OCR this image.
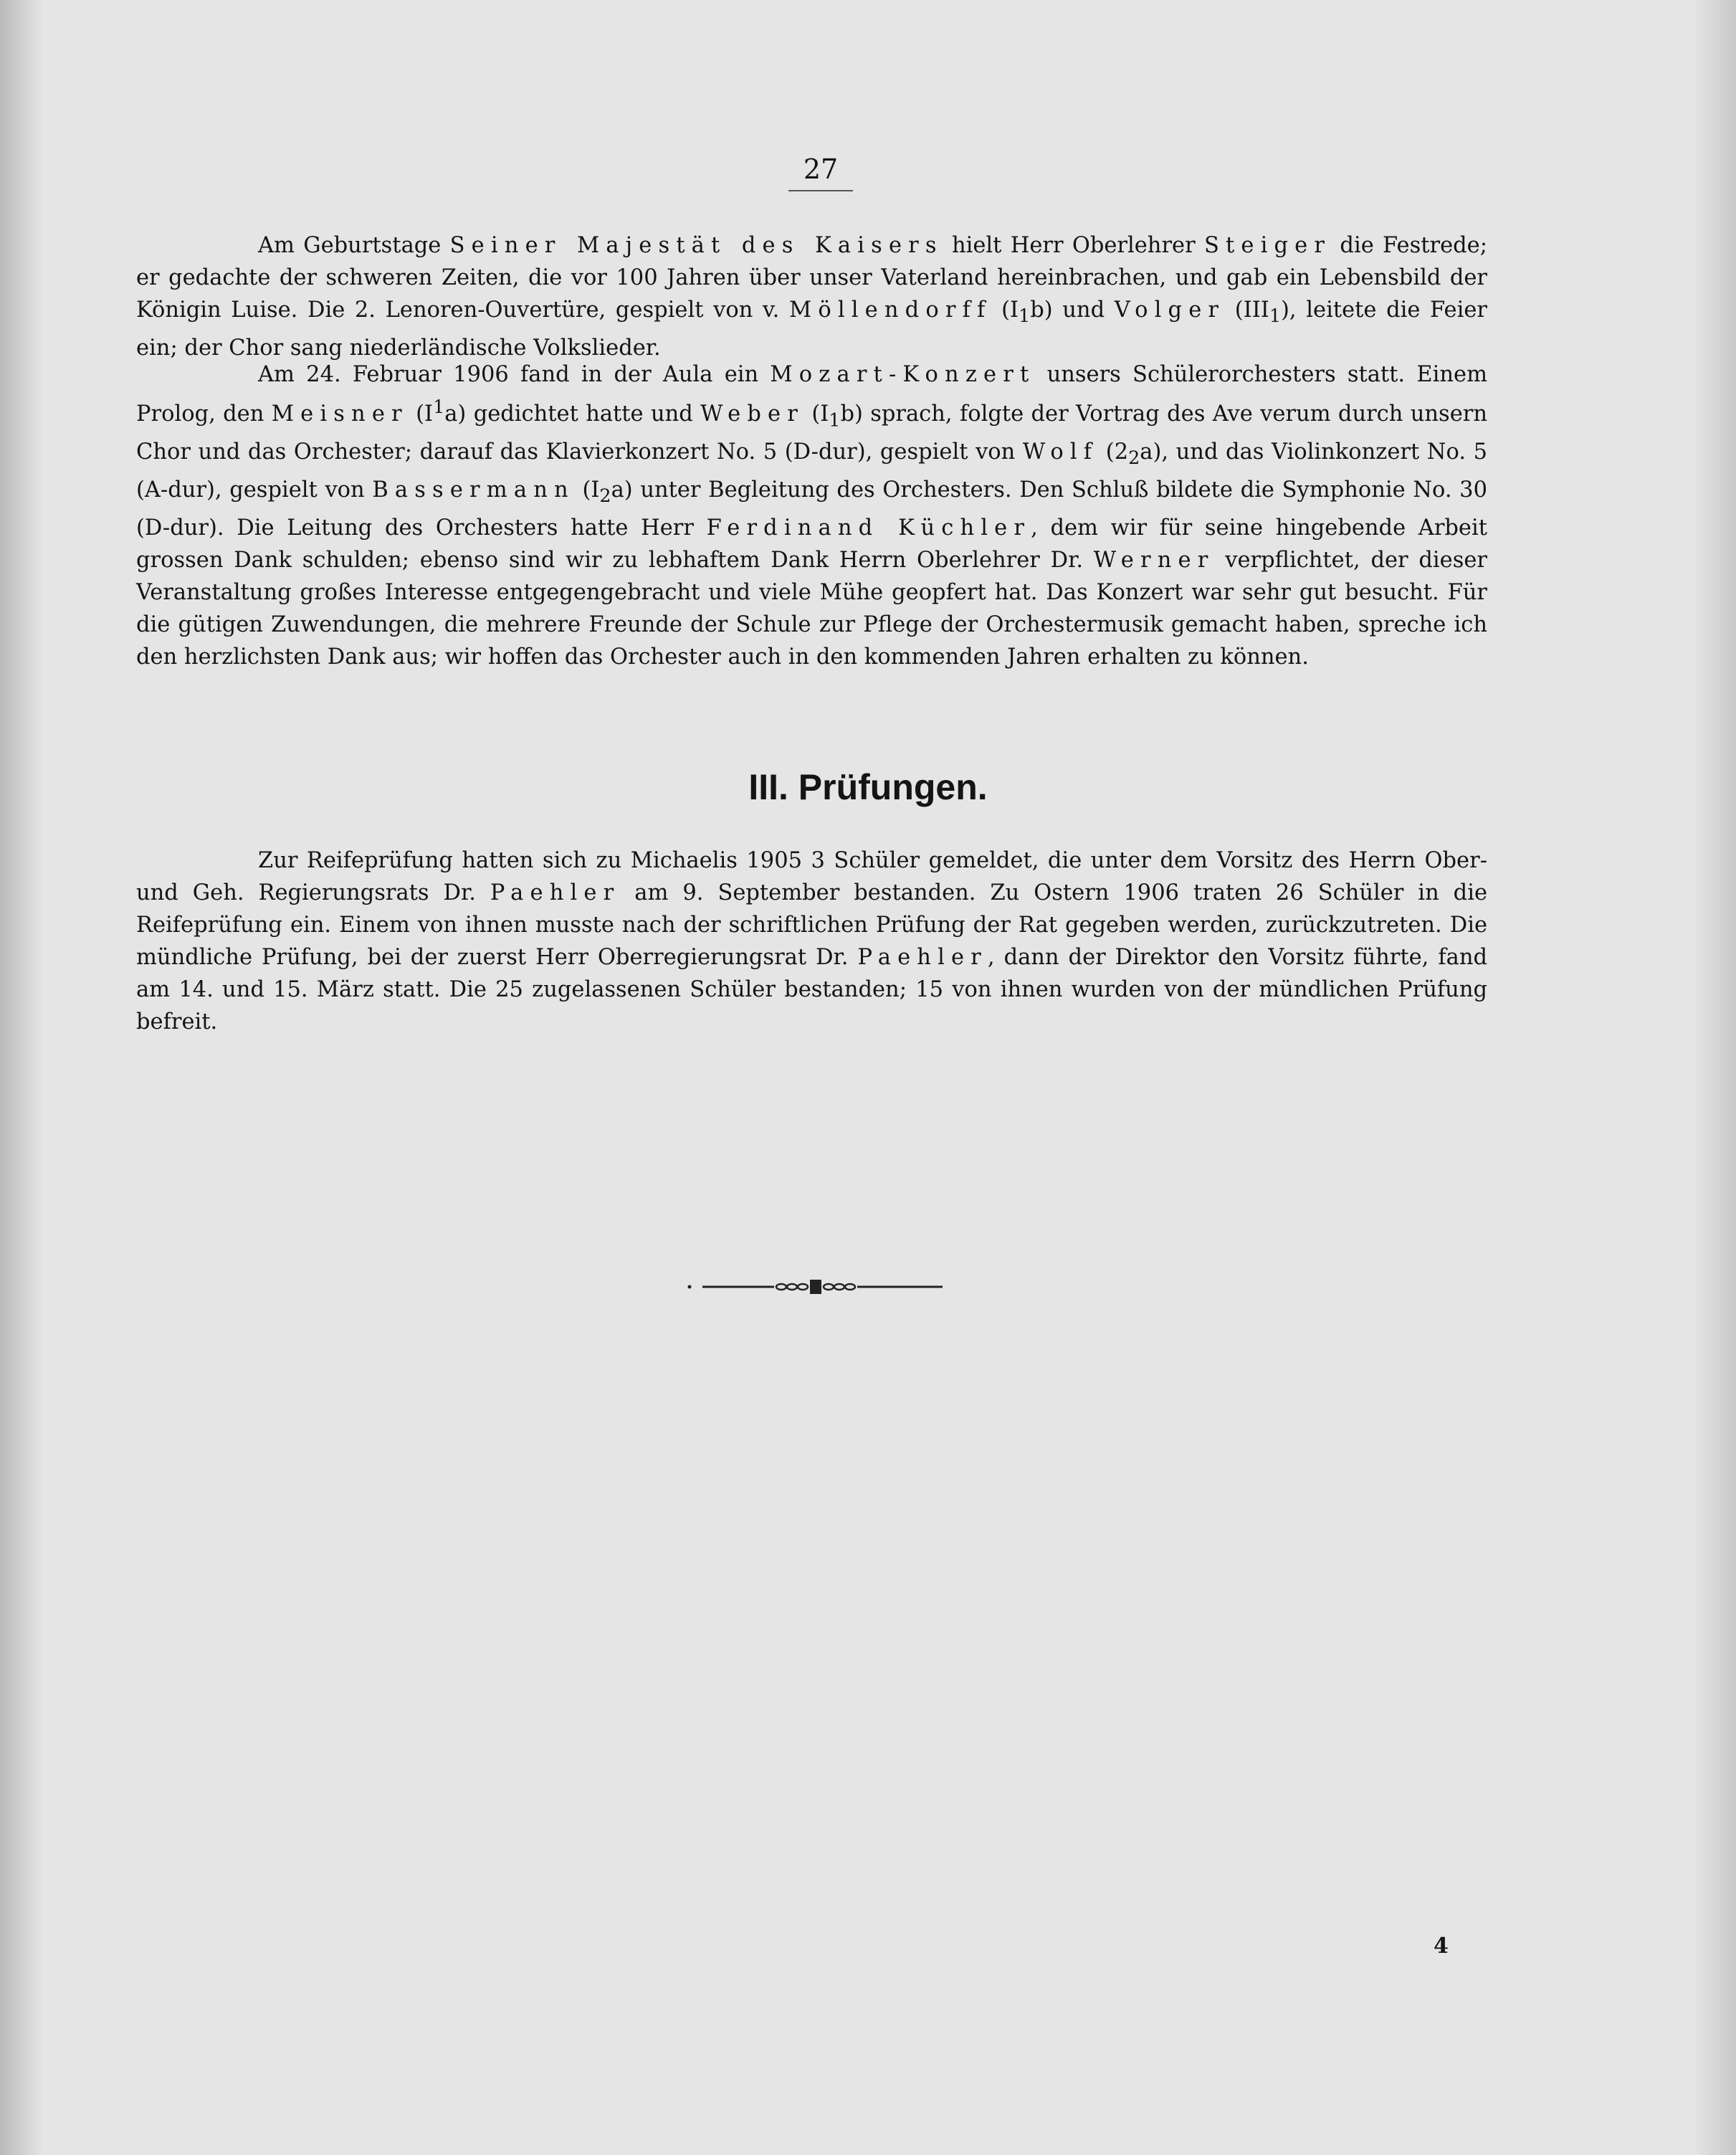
27

Am Geburtstage Seiner Majestät des Kaisers hielt Herr Oberlehrer Steiger die Festrede; er gedachte der schweren Zeiten, die vor 100 Jahren über unser Vaterland hereinbrachen, und gab ein Lebensbild der Königin Luise. Die 2. Lenoren-Ouvertüre, gespielt von v. Möllendorff $(I_1b)$ und Volger $(III_1)$, leitete die Feier ein; der Chor sang niederländische Volkslieder.

Am 24. Februar 1906 fand in der Aula ein Mozart-Konzert unsers Schülerorchesters statt. Einem Prolog, den Meisner $(I^1a)$ gedichtet hatte und Weber $(I_1b)$ sprach, folgte der Vortrag des Ave verum durch unsern Chor und das Orchester; darauf das Klavierkonzert No. 5 (D-dur), gespielt von Wolf $(2_2a)$, und das Violinkonzert No. 5 (A-dur), gespielt von Bassermann $(I_2a)$ unter Begleitung des Orchesters. Den Schluß bildete die Symphonie No. 30 (D-dur). Die Leitung des Orchesters hatte Herr Ferdinand Küchler, dem wir für seine hingebende Arbeit grossen Dank schulden; ebenso sind wir zu lebhaftem Dank Herrn Oberlehrer Dr. Werner verpflichtet, der dieser Veranstaltung großes Interesse entgegengebracht und viele Mühe geopfert hat. Das Konzert war sehr gut besucht. Für die gütigen Zuwendungen, die mehrere Freunde der Schule zur Pflege der Orchestermusik gemacht haben, spreche ich den herzlichsten Dank aus; wir hoffen das Orchester auch in den kommenden Jahren erhalten zu können.

III. Prüfungen.

Zur Reifeprüfung hatten sich zu Michaelis 1905 3 Schüler gemeldet, die unter dem Vorsitz des Herrn Ober- und Geh. Regierungsrats Dr. Paehler am 9. September bestanden. Zu Ostern 1906 traten 26 Schüler in die Reifeprüfung ein. Einem von ihnen musste nach der schriftlichen Prüfung der Rat gegeben werden, zurückzutreten. Die mündliche Prüfung, bei der zuerst Herr Oberregierungsrat Dr. Paehler, dann der Direktor den Vorsitz führte, fand am 14. und 15. März statt. Die 25 zugelassenen Schüler bestanden; 15 von ihnen wurden von der mündlichen Prüfung befreit.

4
